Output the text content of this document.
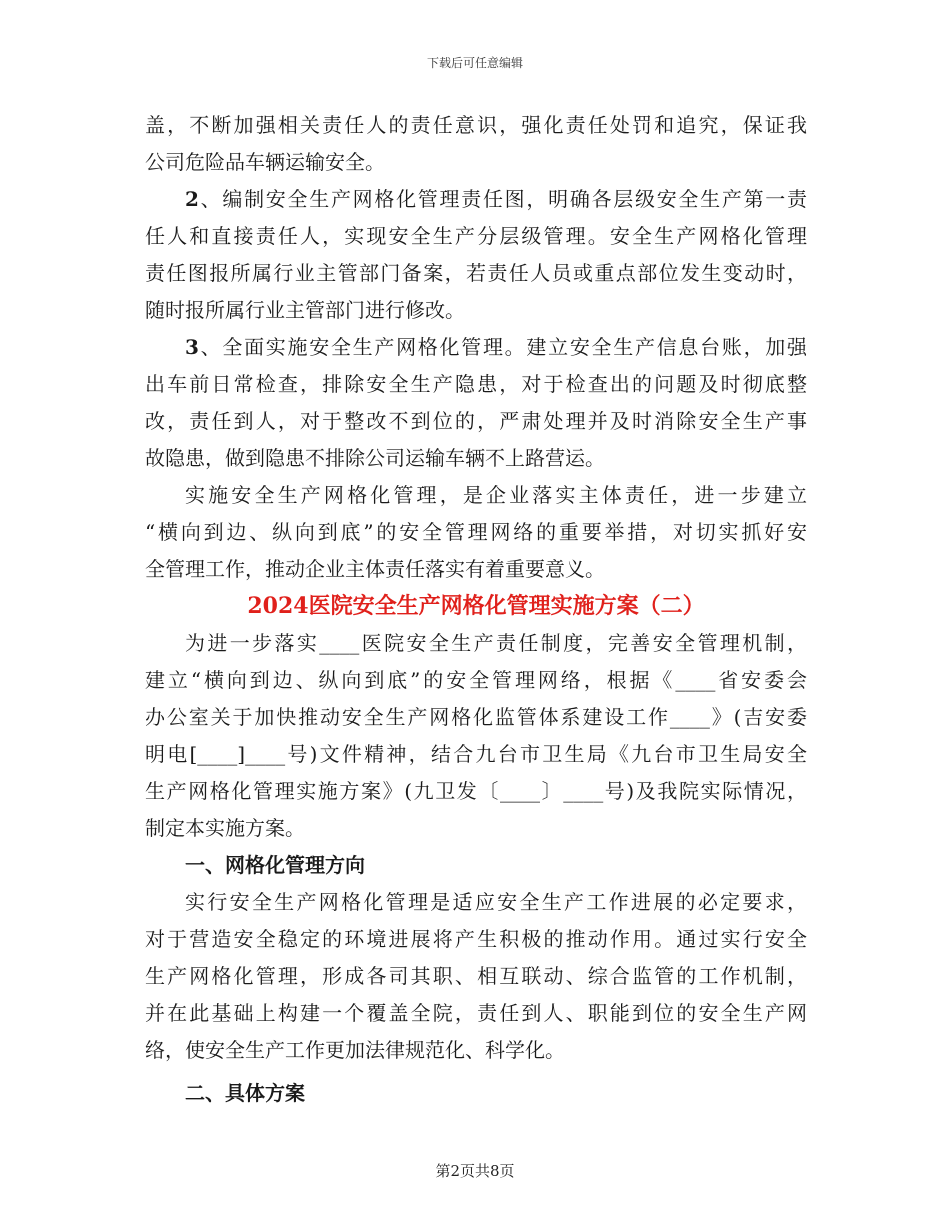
下载后可任意编辑
盖，不断加强相关责任人的责任意识，强化责任处罚和追究，保证我
公司危险品车辆运输安全。
2、编制安全生产网格化管理责任图，明确各层级安全生产第一责
任人和直接责任人，实现安全生产分层级管理。安全生产网格化管理
责任图报所属行业主管部门备案，若责任人员或重点部位发生变动时，
随时报所属行业主管部门进行修改。
3、全面实施安全生产网格化管理。建立安全生产信息台账，加强
出车前日常检查，排除安全生产隐患，对于检查出的问题及时彻底整
改，责任到人，对于整改不到位的，严肃处理并及时消除安全生产事
故隐患，做到隐患不排除公司运输车辆不上路营运。
实施安全生产网格化管理，是企业落实主体责任，进一步建立
“横向到边、纵向到底”的安全管理网络的重要举措，对切实抓好安
全管理工作，推动企业主体责任落实有着重要意义。
2024医院安全生产网格化管理实施方案（二）
为进一步落实____医院安全生产责任制度，完善安全管理机制，
建立“横向到边、纵向到底”的安全管理网络，根据《____省安委会
办公室关于加快推动安全生产网格化监管体系建设工作____》(吉安委
明电[____]____号)文件精神，结合九台市卫生局《九台市卫生局安全
生产网格化管理实施方案》(九卫发〔____〕____号)及我院实际情况，
制定本实施方案。
一、网格化管理方向
实行安全生产网格化管理是适应安全生产工作进展的必定要求，
对于营造安全稳定的环境进展将产生积极的推动作用。通过实行安全
生产网格化管理，形成各司其职、相互联动、综合监管的工作机制，
并在此基础上构建一个覆盖全院，责任到人、职能到位的安全生产网
络，使安全生产工作更加法律规范化、科学化。
二、具体方案
第2页共8页
